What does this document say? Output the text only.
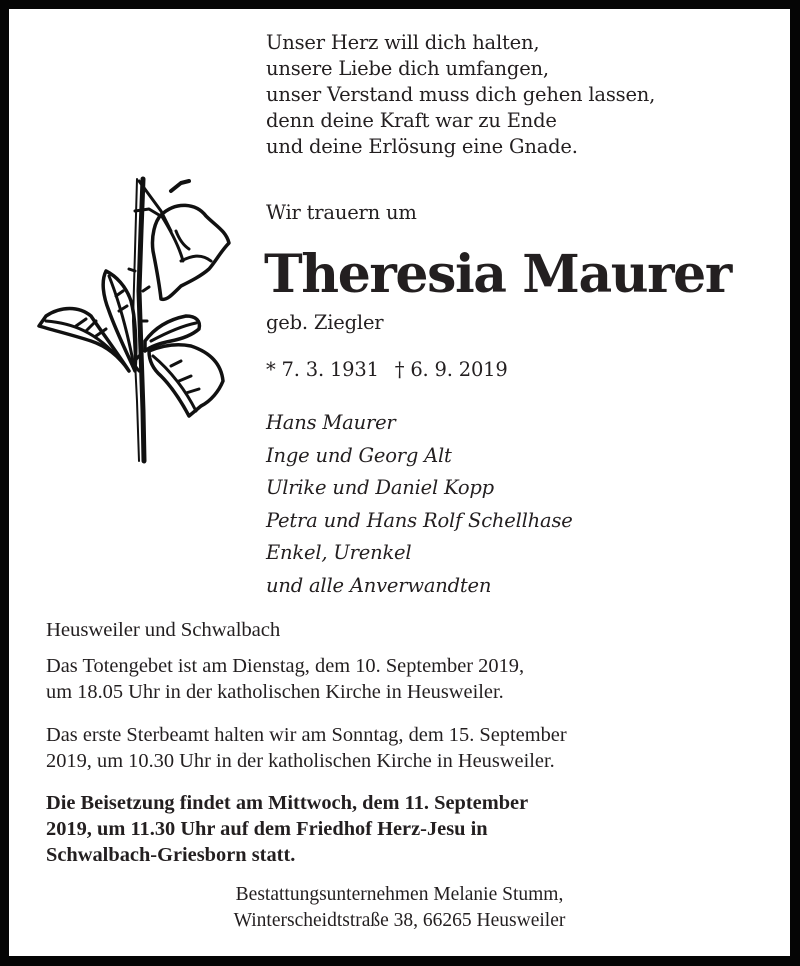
Unser Herz will dich halten,
unsere Liebe dich umfangen,
unser Verstand muss dich gehen lassen,
denn deine Kraft war zu Ende
und deine Erlösung eine Gnade.
Wir trauern um
Theresia Maurer
geb. Ziegler
* 7. 3. 1931 † 6. 9. 2019
Hans Maurer
Inge und Georg Alt
Ulrike und Daniel Kopp
Petra und Hans Rolf Schellhase
Enkel, Urenkel
und alle Anverwandten
Heusweiler und Schwalbach
Das Totengebet ist am Dienstag, dem 10. September 2019,
um 18.05 Uhr in der katholischen Kirche in Heusweiler.
Das erste Sterbeamt halten wir am Sonntag, dem 15. September
2019, um 10.30 Uhr in der katholischen Kirche in Heusweiler.
Die Beisetzung findet am Mittwoch, dem 11. September
2019, um 11.30 Uhr auf dem Friedhof Herz-Jesu in
Schwalbach-Griesborn statt.
Bestattungsunternehmen Melanie Stumm,
Winterscheidtstraße 38, 66265 Heusweiler
